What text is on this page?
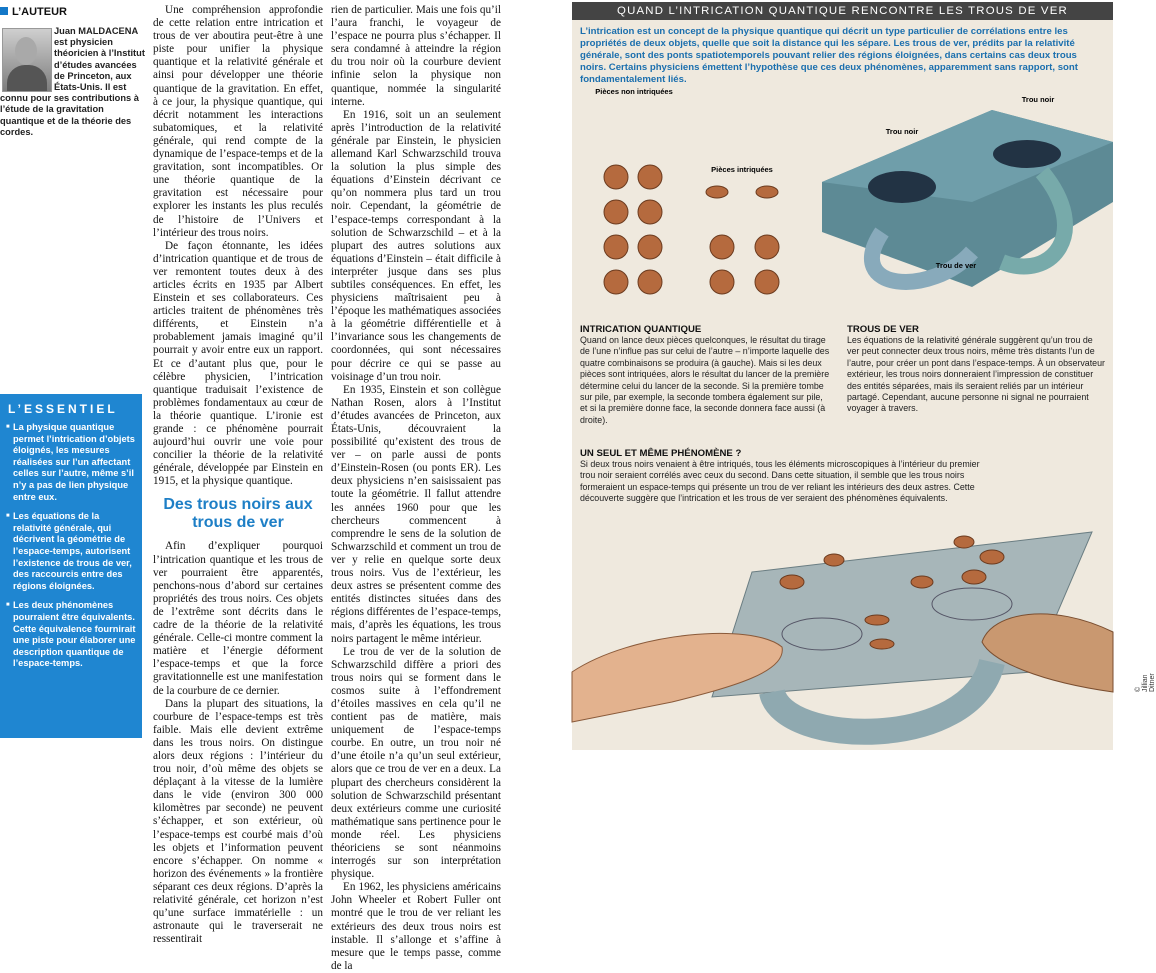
L’AUTEUR
Juan MALDACENA est physicien théoricien à l’Institut d’études avancées de Princeton, aux États-Unis. Il est connu pour ses contributions à l’étude de la gravitation quantique et de la théorie des cordes.
L’ESSENTIEL
■ La physique quantique permet l’intrication d’objets éloignés, les mesures réalisées sur l’un affectant celles sur l’autre, même s’il n’y a pas de lien physique entre eux.
■ Les équations de la relativité générale, qui décrivent la géométrie de l’espace-temps, autorisent l’existence de trous de ver, des raccourcis entre des régions éloignées.
■ Les deux phénomènes pourraient être équivalents. Cette équivalence fournirait une piste pour élaborer une description quantique de l’espace-temps.

Une compréhension approfondie de cette relation entre intrication et trous de ver aboutira peut-être à une piste pour unifier la physique quantique et la relativité générale et ainsi pour développer une théorie quantique de la gravitation. En effet, à ce jour, la physique quantique, qui décrit notamment les interactions subatomiques, et la relativité générale, qui rend compte de la dynamique de l’espace-temps et de la gravitation, sont incompatibles. Or une théorie quantique de la gravitation est nécessaire pour explorer les instants les plus reculés de l’histoire de l’Univers et l’intérieur des trous noirs.

De façon étonnante, les idées d’intrication quantique et de trous de ver remontent toutes deux à des articles écrits en 1935 par Albert Einstein et ses collaborateurs. Ces articles traitent de phénomènes très différents, et Einstein n’a probablement jamais imaginé qu’il pourrait y avoir entre eux un rapport. Et ce d’autant plus que, pour le célèbre physicien, l’intrication quantique traduisait l’existence de problèmes fondamentaux au cœur de la théorie quantique. L’ironie est grande : ce phénomène pourrait aujourd’hui ouvrir une voie pour concilier la théorie de la relativité générale, développée par Einstein en 1915, et la physique quantique.

Des trous noirs aux trous de ver

Afin d’expliquer pourquoi l’intrication quantique et les trous de ver pourraient être apparentés, penchons-nous d’abord sur certaines propriétés des trous noirs. Ces objets de l’extrême sont décrits dans le cadre de la théorie de la relativité générale. Celle-ci montre comment la matière et l’énergie déforment l’espace-temps et que la force gravitationnelle est une manifestation de la courbure de ce dernier.

Dans la plupart des situations, la courbure de l’espace-temps est très faible. Mais elle devient extrême dans les trous noirs. On distingue alors deux régions : l’intérieur du trou noir, d’où même des objets se déplaçant à la vitesse de la lumière dans le vide (environ 300 000 kilomètres par seconde) ne peuvent s’échapper, et son extérieur, où l’espace-temps est courbé mais d’où les objets et l’information peuvent encore s’échapper. On nomme « horizon des événements » la frontière séparant ces deux régions. D’après la relativité générale, cet horizon n’est qu’une surface immatérielle : un astronaute qui le traverserait ne ressentirait

rien de particulier. Mais une fois qu’il l’aura franchi, le voyageur de l’espace ne pourra plus s’échapper. Il sera condamné à atteindre la région du trou noir où la courbure devient infinie selon la physique non quantique, nommée la singularité interne.

En 1916, soit un an seulement après l’introduction de la relativité générale par Einstein, le physicien allemand Karl Schwarzschild trouva la solution la plus simple des équations d’Einstein décrivant ce qu’on nommera plus tard un trou noir. Cependant, la géométrie de l’espace-temps correspondant à la solution de Schwarzschild – et à la plupart des autres solutions aux équations d’Einstein – était difficile à interpréter jusque dans ses plus subtiles conséquences. En effet, les physiciens maîtrisaient peu à l’époque les mathématiques associées à la géométrie différentielle et à l’invariance sous les changements de coordonnées, qui sont nécessaires pour décrire ce qui se passe au voisinage d’un trou noir.

En 1935, Einstein et son collègue Nathan Rosen, alors à l’Institut d’études avancées de Princeton, aux États-Unis, découvraient la possibilité qu’existent des trous de ver – on parle aussi de ponts d’Einstein-Rosen (ou ponts ER). Les deux physiciens n’en saisissaient pas toute la géométrie. Il fallut attendre les années 1960 pour que les chercheurs commencent à comprendre le sens de la solution de Schwarzschild et comment un trou de ver y relie en quelque sorte deux trous noirs. Vus de l’extérieur, les deux astres se présentent comme des entités distinctes situées dans des régions différentes de l’espace-temps, mais, d’après les équations, les trous noirs partagent le même intérieur.

Le trou de ver de la solution de Schwarzschild diffère a priori des trous noirs qui se forment dans le cosmos suite à l’effondrement d’étoiles massives en cela qu’il ne contient pas de matière, mais uniquement de l’espace-temps courbe. En outre, un trou noir né d’une étoile n’a qu’un seul extérieur, alors que ce trou de ver en a deux. La plupart des chercheurs considèrent la solution de Schwarzschild présentant deux extérieurs comme une curiosité mathématique sans pertinence pour le monde réel. Les physiciens théoriciens se sont néanmoins interrogés sur son interprétation physique.

En 1962, les physiciens américains John Wheeler et Robert Fuller ont montré que le trou de ver reliant les extérieurs des deux trous noirs est instable. Il s’allonge et s’affine à mesure que le temps passe, comme de la

QUAND L’INTRICATION QUANTIQUE RENCONTRE LES TROUS DE VER
L’intrication est un concept de la physique quantique qui décrit un type particulier de corrélations entre les propriétés de deux objets, quelle que soit la distance qui les sépare. Les trous de ver, prédits par la relativité générale, sont des ponts spatiotemporels pouvant relier des régions éloignées, dans certains cas deux trous noirs. Certains physiciens émettent l’hypothèse que ces deux phénomènes, apparemment sans rapport, sont fondamentalement liés.
Pièces non intriquées
Pièces intriquées
Trou noir
Trou noir
Trou de ver
INTRICATION QUANTIQUE
Quand on lance deux pièces quelconques, le résultat du tirage de l’une n’influe pas sur celui de l’autre – n’importe laquelle des quatre combinaisons se produira (à gauche). Mais si les deux pièces sont intriquées, alors le résultat du lancer de la première détermine celui du lancer de la seconde. Si la première tombe sur pile, par exemple, la seconde tombera également sur pile, et si la première donne face, la seconde donnera face aussi (à droite).
TROUS DE VER
Les équations de la relativité générale suggèrent qu’un trou de ver peut connecter deux trous noirs, même très distants l’un de l’autre, pour créer un pont dans l’espace-temps. À un observateur extérieur, les trous noirs donneraient l’impression de constituer des entités séparées, mais ils seraient reliés par un intérieur partagé. Cependant, aucune personne ni signal ne pourraient voyager à travers.
UN SEUL ET MÊME PHÉNOMÈNE ?
Si deux trous noirs venaient à être intriqués, tous les éléments microscopiques à l’intérieur du premier trou noir seraient corrélés avec ceux du second. Dans cette situation, il semble que les trous noirs formeraient un espace-temps qui présente un trou de ver reliant les intérieurs des deux astres. Cette découverte suggère que l’intrication et les trous de ver seraient des phénomènes équivalents.
© Jillian Ditner
